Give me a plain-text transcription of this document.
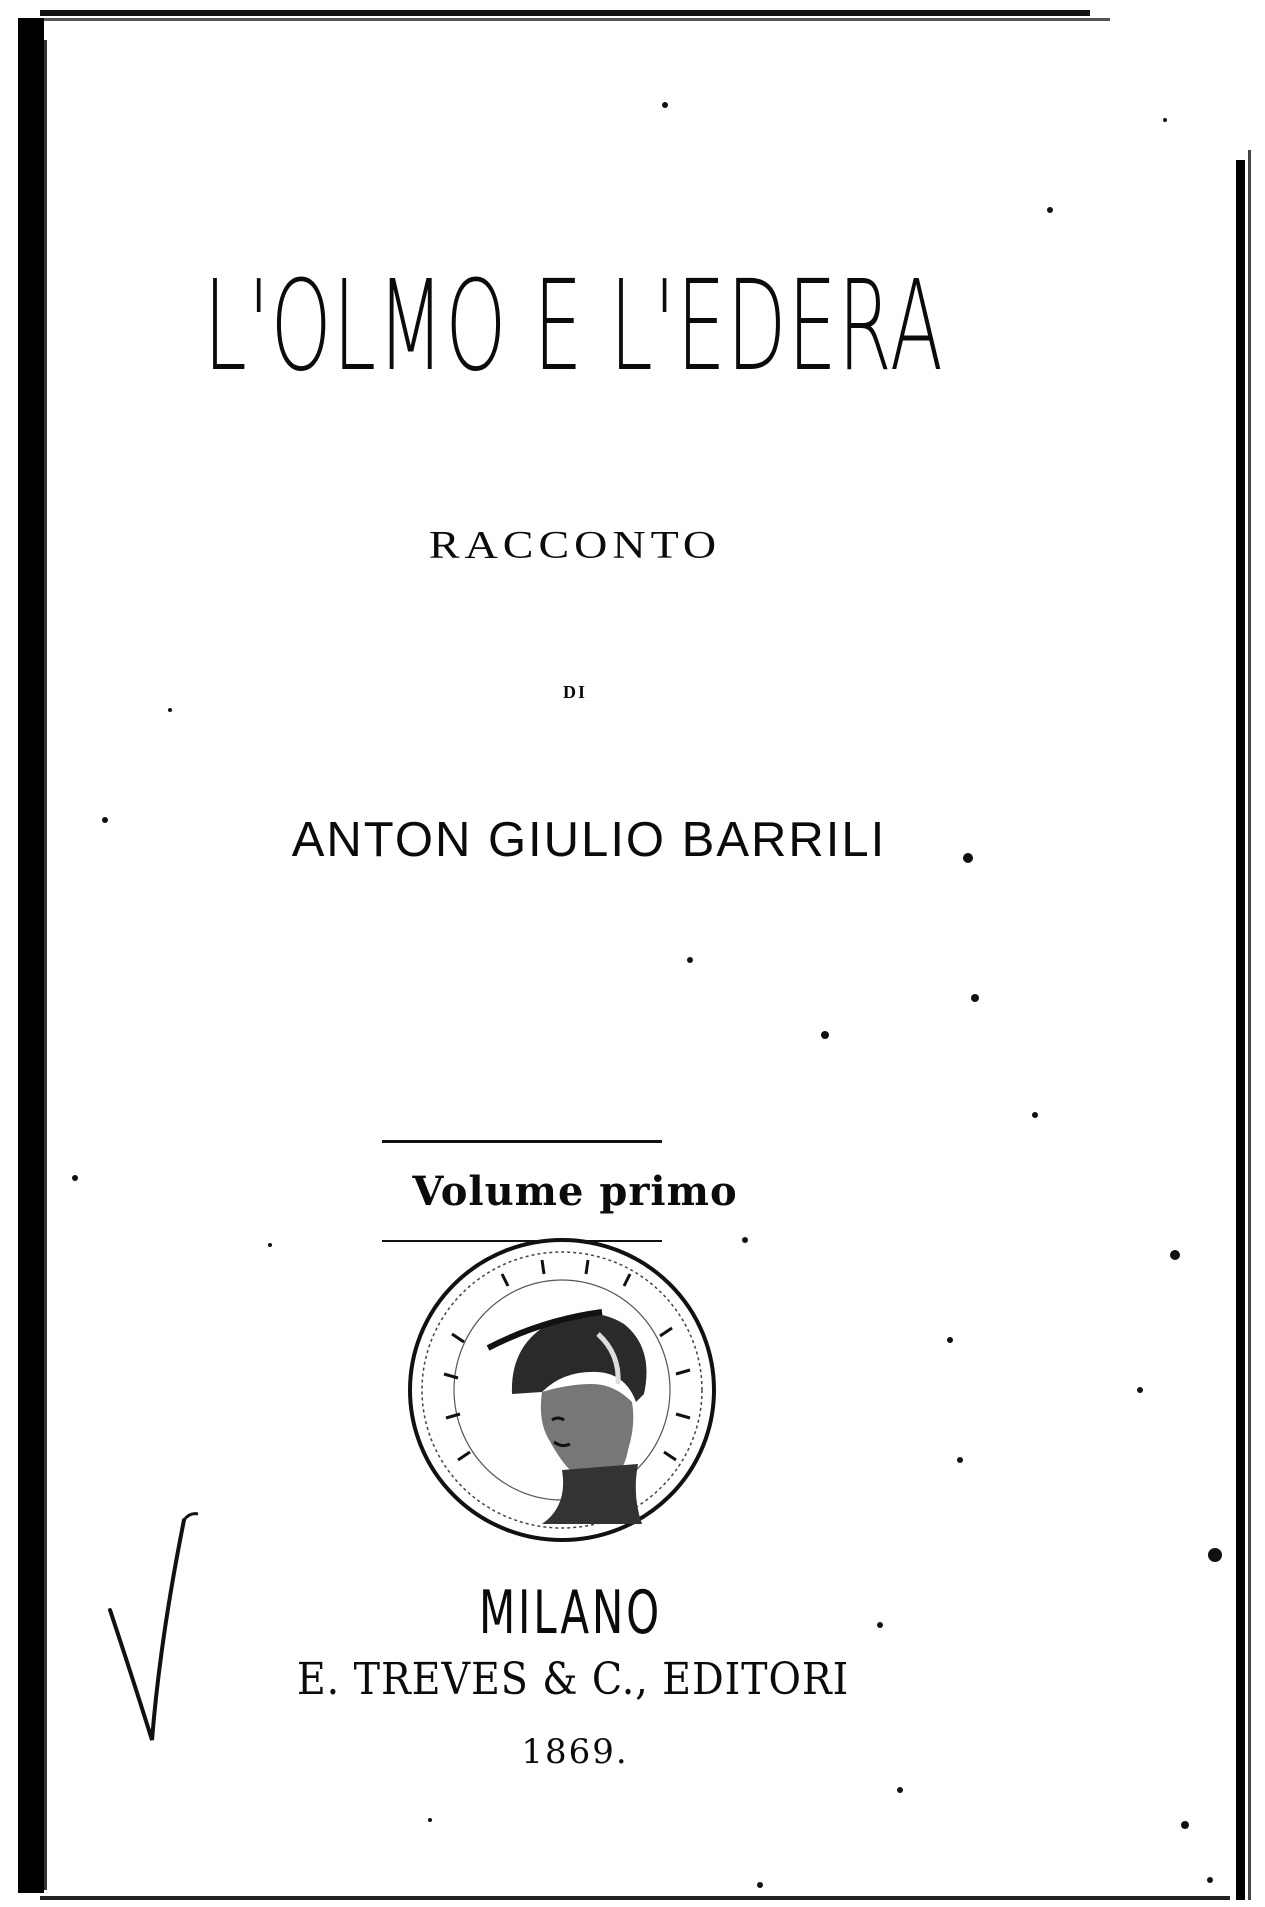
L'OLMO E L'EDERA
RACCONTO
DI
ANTON GIULIO BARRILI
Volume primo
MILANO
E. TREVES & C., EDITORI
1869.
